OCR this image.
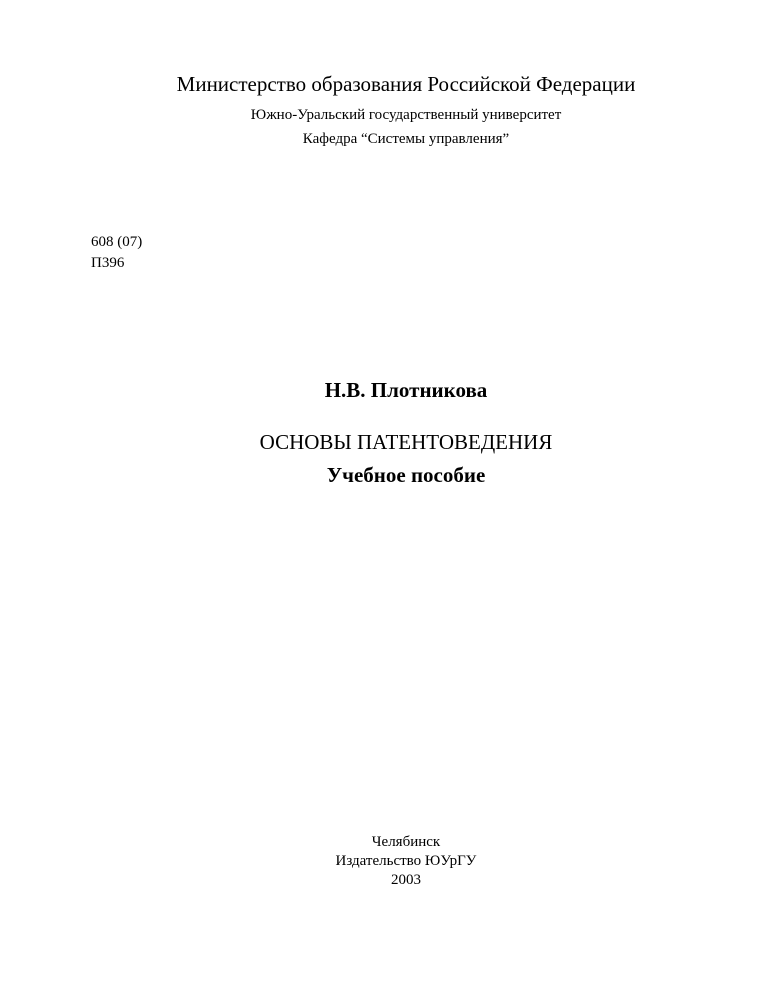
Министерство образования Российской Федерации
Южно-Уральский государственный университет
Кафедра “Системы управления”
608 (07)
П396
Н.В. Плотникова
ОСНОВЫ ПАТЕНТОВЕДЕНИЯ
Учебное пособие
Челябинск
Издательство ЮУрГУ
2003
